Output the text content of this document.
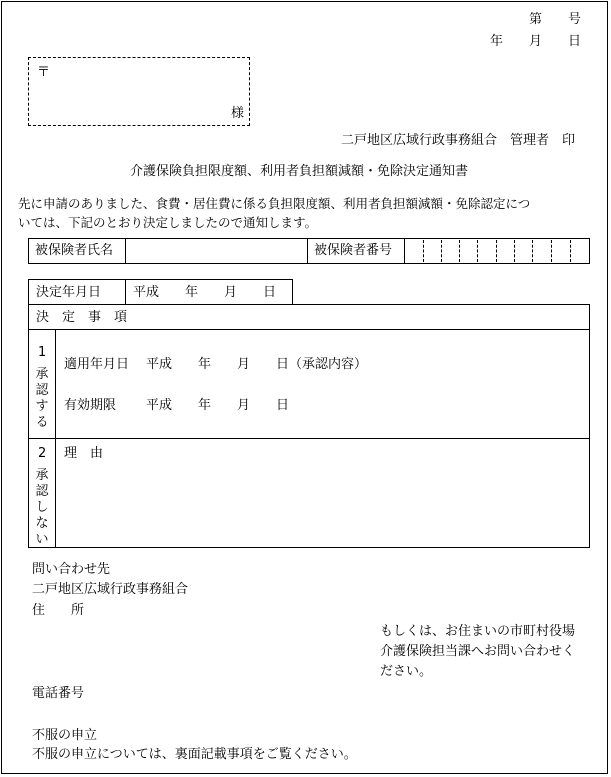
第　　号
年　　月　　日
〒
様
二戸地区広域行政事務組合　管理者　印
介護保険負担限度額、利用者負担額減額・免除決定通知書
先に申請のありました、食費・居住費に係る負担限度額、利用者負担額減額・免除認定につ
いては、下記のとおり決定しましたので通知します。
被保険者氏名	被保険者番号
決定年月日 平成　　年　　月　　日
決　定　事　項
1
承認する
適用年月日 平成　　年　　月　　日（承認内容）
有効期限 平成　　年　　月　　日
2
承認しない
理　由
問い合わせ先
二戸地区広域行政事務組合
住　　所
もしくは、お住まいの市町村役場
介護保険担当課へお問い合わせく
ださい。
電話番号
不服の申立
不服の申立については、裏面記載事項をご覧ください。
